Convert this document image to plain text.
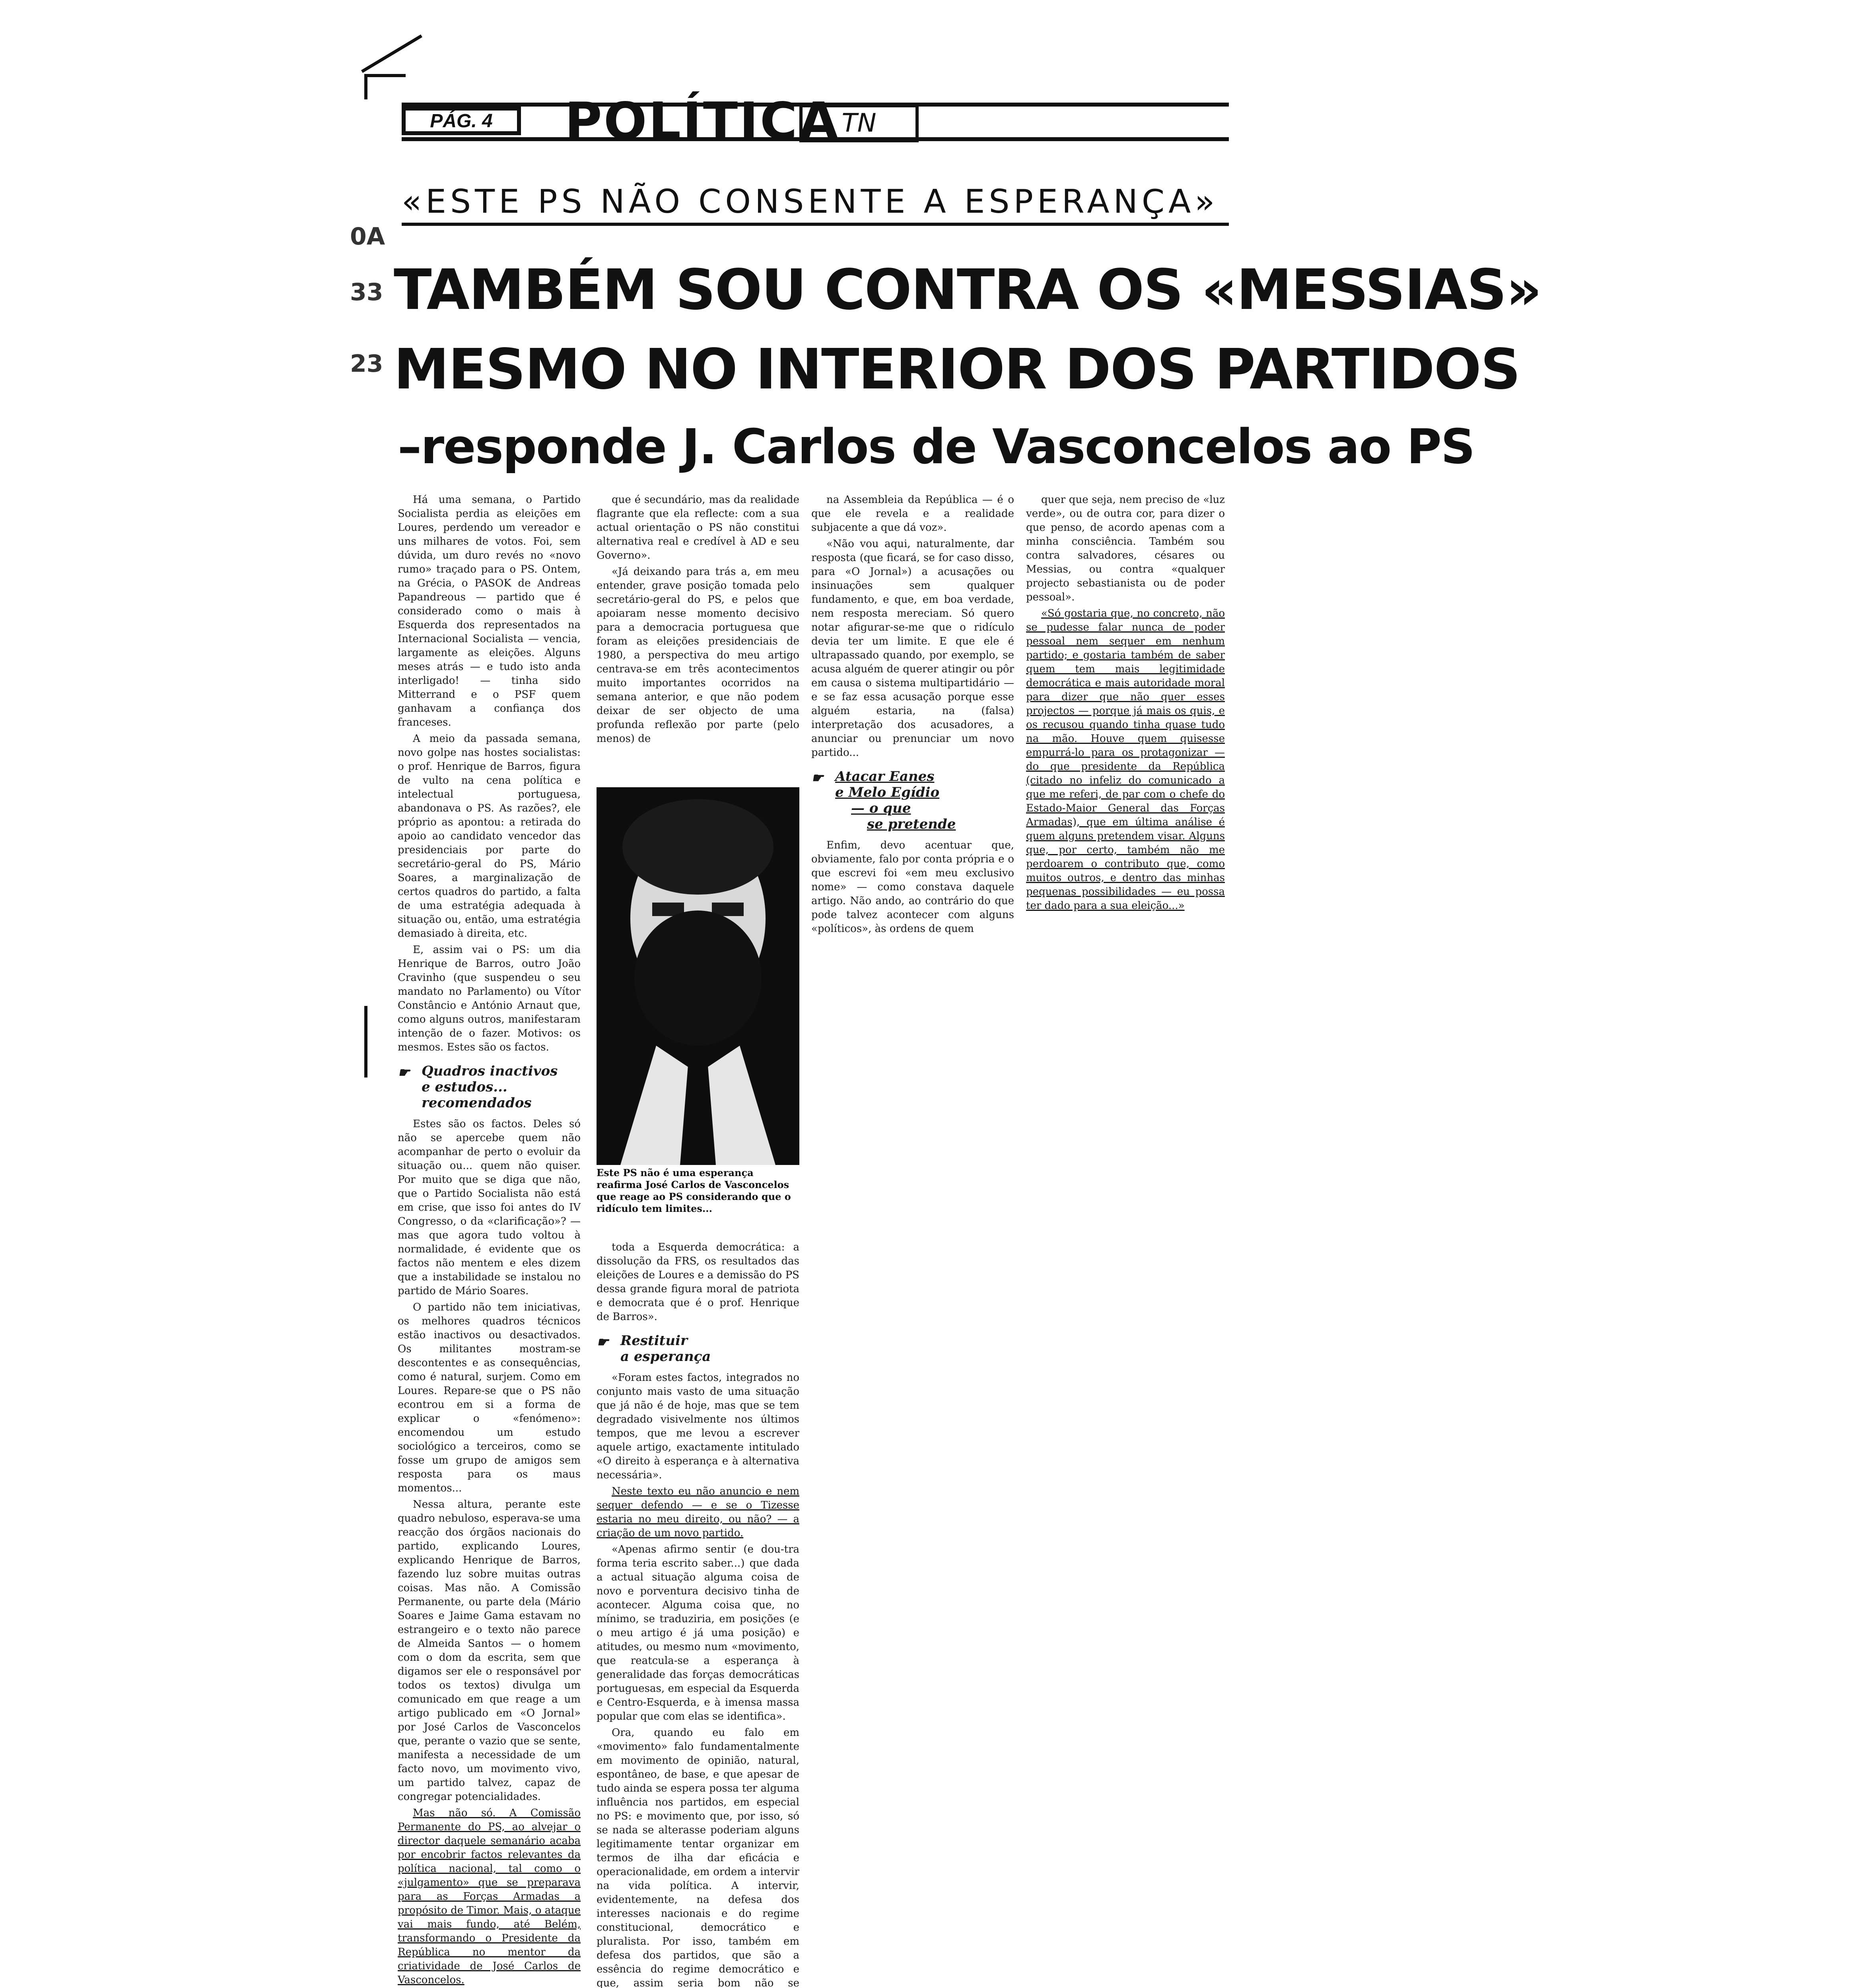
PÁG. 4 POLÍTICA TN
0A
33
23
«ESTE PS NÃO CONSENTE A ESPERANÇA»
TAMBÉM SOU CONTRA OS «MESSIAS»
MESMO NO INTERIOR DOS PARTIDOS
–responde J. Carlos de Vasconcelos ao PS

Há uma semana, o Partido Socialista perdia as eleições em Loures, perdendo um vereador e uns milhares de votos. Foi, sem dúvida, um duro revés no «novo rumo» traçado para o PS. Ontem, na Grécia, o PASOK de Andreas Papandreous — partido que é considerado como o mais à Esquerda dos representados na Internacional Socialista — vencia, largamente as eleições. Alguns meses atrás — e tudo isto anda interligado! — tinha sido Mitterrand e o PSF quem ganhavam a confiança dos franceses.

A meio da passada semana, novo golpe nas hostes socialistas: o prof. Henrique de Barros, figura de vulto na cena política e intelectual portuguesa, abandonava o PS. As razões?, ele próprio as apontou: a retirada do apoio ao candidato vencedor das presidenciais por parte do secretário-geral do PS, Mário Soares, a marginalização de certos quadros do partido, a falta de uma estratégia adequada à situação ou, então, uma estratégia demasiado à direita, etc.

E, assim vai o PS: um dia Henrique de Barros, outro João Cravinho (que suspendeu o seu mandato no Parlamento) ou Vítor Constâncio e António Arnaut que, como alguns outros, manifestaram intenção de o fazer. Motivos: os mesmos. Estes são os factos.

☛ Quadros inactivos
e estudos...
recomendados

Estes são os factos. Deles só não se apercebe quem não acompanhar de perto o evoluir da situação ou... quem não quiser. Por muito que se diga que não, que o Partido Socialista não está em crise, que isso foi antes do IV Congresso, o da «clarificação»? — mas que agora tudo voltou à normalidade, é evidente que os factos não mentem e eles dizem que a instabilidade se instalou no partido de Mário Soares.

O partido não tem iniciativas, os melhores quadros técnicos estão inactivos ou desactivados. Os militantes mostram-se descontentes e as consequências, como é natural, surjem. Como em Loures. Repare-se que o PS não econtrou em si a forma de explicar o «fenómeno»: encomendou um estudo sociológico a terceiros, como se fosse um grupo de amigos sem resposta para os maus momentos...

Nessa altura, perante este quadro nebuloso, esperava-se uma reacção dos órgãos nacionais do partido, explicando Loures, explicando Henrique de Barros, fazendo luz sobre muitas outras coisas. Mas não. A Comissão Permanente, ou parte dela (Mário Soares e Jaime Gama estavam no estrangeiro e o texto não parece de Almeida Santos — o homem com o dom da escrita, sem que digamos ser ele o responsável por todos os textos) divulga um comunicado em que reage a um artigo publicado em «O Jornal» por José Carlos de Vasconcelos que, perante o vazio que se sente, manifesta a necessidade de um facto novo, um movimento vivo, um partido talvez, capaz de congregar potencialidades.

Mas não só. A Comissão Permanente do PS, ao alvejar o director daquele semanário acaba por encobrir factos relevantes da política nacional, tal como o «julgamento» que se preparava para as Forças Armadas a propósito de Timor. Mais, o ataque vai mais fundo, até Belém, transformando o Presidente da República no mentor da criatividade de José Carlos de Vasconcelos.

que é secundário, mas da realidade flagrante que ela reflecte: com a sua actual orientação o PS não constitui alternativa real e credível à AD e seu Governo».

«Já deixando para trás a, em meu entender, grave posição tomada pelo secretário-geral do PS, e pelos que apoiaram nesse momento decisivo para a democracia portuguesa que foram as eleições presidenciais de 1980, a perspectiva do meu artigo centrava-se em três acontecimentos muito importantes ocorridos na semana anterior, e que não podem deixar de ser objecto de uma profunda reflexão por parte (pelo menos) de

Este PS não é uma esperança reafirma José Carlos de Vasconcelos que reage ao PS considerando que o ridículo tem limites...

toda a Esquerda democrática: a dissolução da FRS, os resultados das eleições de Loures e a demissão do PS dessa grande figura moral de patriota e democrata que é o prof. Henrique de Barros».

☛ Restituir
a esperança

«Foram estes factos, integrados no conjunto mais vasto de uma situação que já não é de hoje, mas que se tem degradado visivelmente nos últimos tempos, que me levou a escrever aquele artigo, exactamente intitulado «O direito à esperança e à alternativa necessária».

Neste texto eu não anuncio e nem sequer defendo — e se o Tizesse estaria no meu direito, ou não? — a criação de um novo partido.

«Apenas afirmo sentir (e dou-tra forma teria escrito saber...) que dada a actual situação alguma coisa de novo e porventura decisivo tinha de acontecer. Alguma coisa que, no mínimo, se traduziria, em posições (e o meu artigo é já uma posição) e atitudes, ou mesmo num «movimento, que reatcula-se a esperança à generalidade das forças democráticas portuguesas, em especial da Esquerda e Centro-Esquerda, e à imensa massa popular que com elas se identifica».

Ora, quando eu falo em «movimento» falo fundamentalmente em movimento de opinião, natural, espontâneo, de base, e que apesar de tudo ainda se espera possa ter alguma influência nos partidos, em especial no PS: e movimento que, por isso, só se nada se alterasse poderiam alguns legitimamente tentar organizar em termos de ilha dar eficácia e operacionalidade, em ordem a intervir na vida política. A intervir, evidentemente, na defesa dos interesses nacionais e do regime constitucional, democrático e pluralista. Por isso, também em defesa dos partidos, que são a essência do regime democrático e que, assim seria bom não se

na Assembleia da República — é o que ele revela e a realidade subjacente a que dá voz».

«Não vou aqui, naturalmente, dar resposta (que ficará, se for caso disso, para «O Jornal») a acusações ou insinuações sem qualquer fundamento, e que, em boa verdade, nem resposta mereciam. Só quero notar afigurar-se-me que o ridículo devia ter um limite. E que ele é ultrapassado quando, por exemplo, se acusa alguém de querer atingir ou pôr em causa o sistema multipartidário — e se faz essa acusação porque esse alguém estaria, na (falsa) interpretação dos acusadores, a anunciar ou prenunciar um novo partido...

☛ Atacar Eanes
e Melo Egídio
— o que
se pretende

Enfim, devo acentuar que, obviamente, falo por conta própria e o que escrevi foi «em meu exclusivo nome» — como constava daquele artigo. Não ando, ao contrário do que pode talvez acontecer com alguns «políticos», às ordens de quem

quer que seja, nem preciso de «luz verde», ou de outra cor, para dizer o que penso, de acordo apenas com a minha consciência. Também sou contra salvadores, césares ou Messias, ou contra «qualquer projecto sebastianista ou de poder pessoal».

«Só gostaria que, no concreto, não se pudesse falar nunca de poder pessoal nem sequer em nenhum partido; e gostaria também de saber quem tem mais legitimidade democrática e mais autoridade moral para dizer que não quer esses projectos — porque já mais os quis, e os recusou quando tinha quase tudo na mão. Houve quem quisesse empurrá-lo para os protagonizar — do que presidente da República (citado no infeliz do comunicado a que me referi, de par com o chefe do Estado-Maior General das Forças Armadas), que em última análise é quem alguns pretendem visar. Alguns que, por certo, também não me perdoarem o contributo que, como muitos outros, e dentro das minhas pequenas possibilidades — eu possa ter dado para a sua eleição...»
